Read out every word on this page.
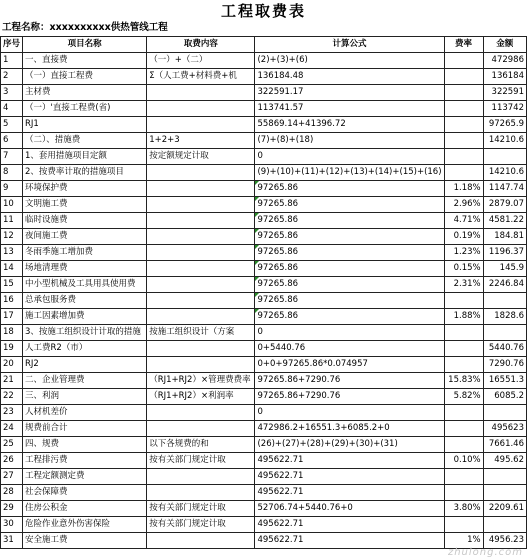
工程取费表
工程名称：xxxxxxxxxx供热管线工程
序号	项目名称	取费内容	计算公式	费率	金额
1	一、直接费	（一）+（二）	(2)+(3)+(6)		472986
2	（一）直接工程费	Σ（人工费+材料费+机	136184.48		136184
3	主材费		322591.17		322591
4	（一）'直接工程费(省)		113741.57		113742
5	RJ1		55869.14+41396.72		97265.9
6	（二）、措施费	1+2+3	(7)+(8)+(18)		14210.6
7	1、套用措施项目定额	按定额规定计取	0		
8	2、按费率计取的措施项目		(9)+(10)+(11)+(12)+(13)+(14)+(15)+(16)		14210.6
9	环境保护费		97265.86	1.18%	1147.74
10	文明施工费		97265.86	2.96%	2879.07
11	临时设施费		97265.86	4.71%	4581.22
12	夜间施工费		97265.86	0.19%	184.81
13	冬雨季施工增加费		97265.86	1.23%	1196.37
14	场地清理费		97265.86	0.15%	145.9
15	中小型机械及工具用具使用费		97265.86	2.31%	2246.84
16	总承包服务费		97265.86		
17	施工因素增加费		97265.86	1.88%	1828.6
18	3、按施工组织设计计取的措施	按施工组织设计（方案	0		
19	人工费R2（市）		0+5440.76		5440.76
20	RJ2		0+0+97265.86*0.074957		7290.76
21	二、企业管理费	（RJ1+RJ2）×管理费费率	97265.86+7290.76	15.83%	16551.3
22	三、利润	（RJ1+RJ2）×利润率	97265.86+7290.76	5.82%	6085.2
23	人材机差价		0		
24	规费前合计		472986.2+16551.3+6085.2+0		495623
25	四、规费	以下各规费的和	(26)+(27)+(28)+(29)+(30)+(31)		7661.46
26	工程排污费	按有关部门规定计取	495622.71	0.10%	495.62
27	工程定额测定费		495622.71		
28	社会保障费		495622.71		
29	住房公积金	按有关部门规定计取	52706.74+5440.76+0	3.80%	2209.61
30	危险作业意外伤害保险	按有关部门规定计取	495622.71		
31	安全施工费		495622.71	1%	4956.23
zhulong.com
